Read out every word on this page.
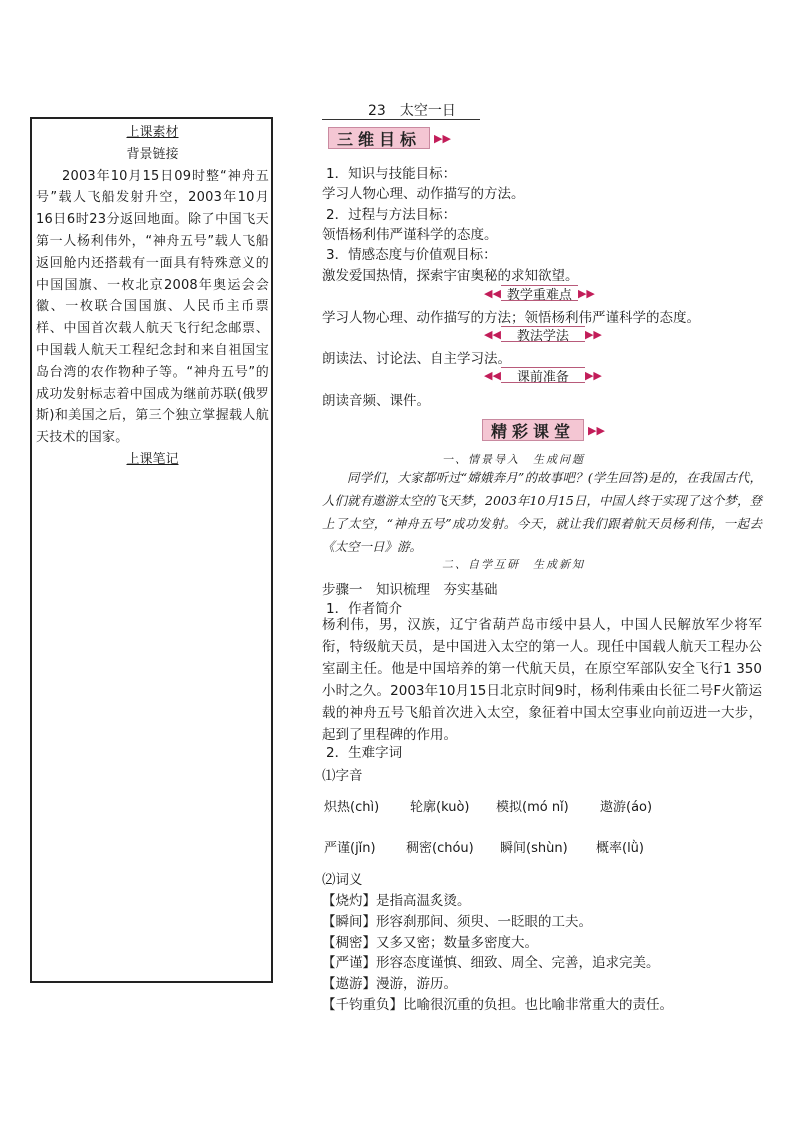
23　太空一日

上课素材

背景链接

2003年10月15日09时整“神舟五号”载人飞船发射升空，2003年10月16日6时23分返回地面。除了中国飞天第一人杨利伟外，“神舟五号”载人飞船返回舱内还搭载有一面具有特殊意义的中国国旗、一枚北京2008年奥运会会徽、一枚联合国国旗、人民币主币票样、中国首次载人航天飞行纪念邮票、中国载人航天工程纪念封和来自祖国宝岛台湾的农作物种子等。“神舟五号”的成功发射标志着中国成为继前苏联(俄罗斯)和美国之后，第三个独立掌握载人航天技术的国家。

上课笔记

三维目标	▶▶
1．知识与技能目标：
学习人物心理、动作描写的方法。
2．过程与方法目标：
领悟杨利伟严谨科学的态度。
3．情感态度与价值观目标：
激发爱国热情，探索宇宙奥秘的求知欲望。
◀◀ 教学重难点 ▶▶
学习人物心理、动作描写的方法；领悟杨利伟严谨科学的态度。
◀◀	教法学法	▶▶
朗读法、讨论法、自主学习法。
◀◀	课前准备	▶▶
朗读音频、课件。
精彩课堂	▶▶
一、情景导入　生成问题
同学们，大家都听过“嫦娥奔月”的故事吧？(学生回答)是的，在我国古代，人们就有遨游太空的飞天梦，2003年10月15日，中国人终于实现了这个梦，登上了太空，“神舟五号”成功发射。今天，就让我们跟着航天员杨利伟，一起去《太空一日》游。
二、自学互研　生成新知
步骤一　知识梳理　夯实基础
1．作者简介
杨利伟，男，汉族，辽宁省葫芦岛市绥中县人，中国人民解放军少将军衔，特级航天员，是中国进入太空的第一人。现任中国载人航天工程办公室副主任。他是中国培养的第一代航天员，在原空军部队安全飞行1 350小时之久。2003年10月15日北京时间9时，杨利伟乘由长征二号F火箭运载的神舟五号飞船首次进入太空，象征着中国太空事业向前迈进一大步，起到了里程碑的作用。
2．生难字词
⑴字音
炽热(chì)	轮廓(kuò)	模拟(mó nǐ)	遨游(áo)
严谨(jǐn)	稠密(chóu)	瞬间(shùn)	概率(lǜ)
⑵词义
【烧灼】是指高温炙烫。
【瞬间】形容刹那间、须臾、一眨眼的工夫。
【稠密】又多又密；数量多密度大。
【严谨】形容态度谨慎、细致、周全、完善，追求完美。
【遨游】漫游，游历。
【千钧重负】比喻很沉重的负担。也比喻非常重大的责任。
